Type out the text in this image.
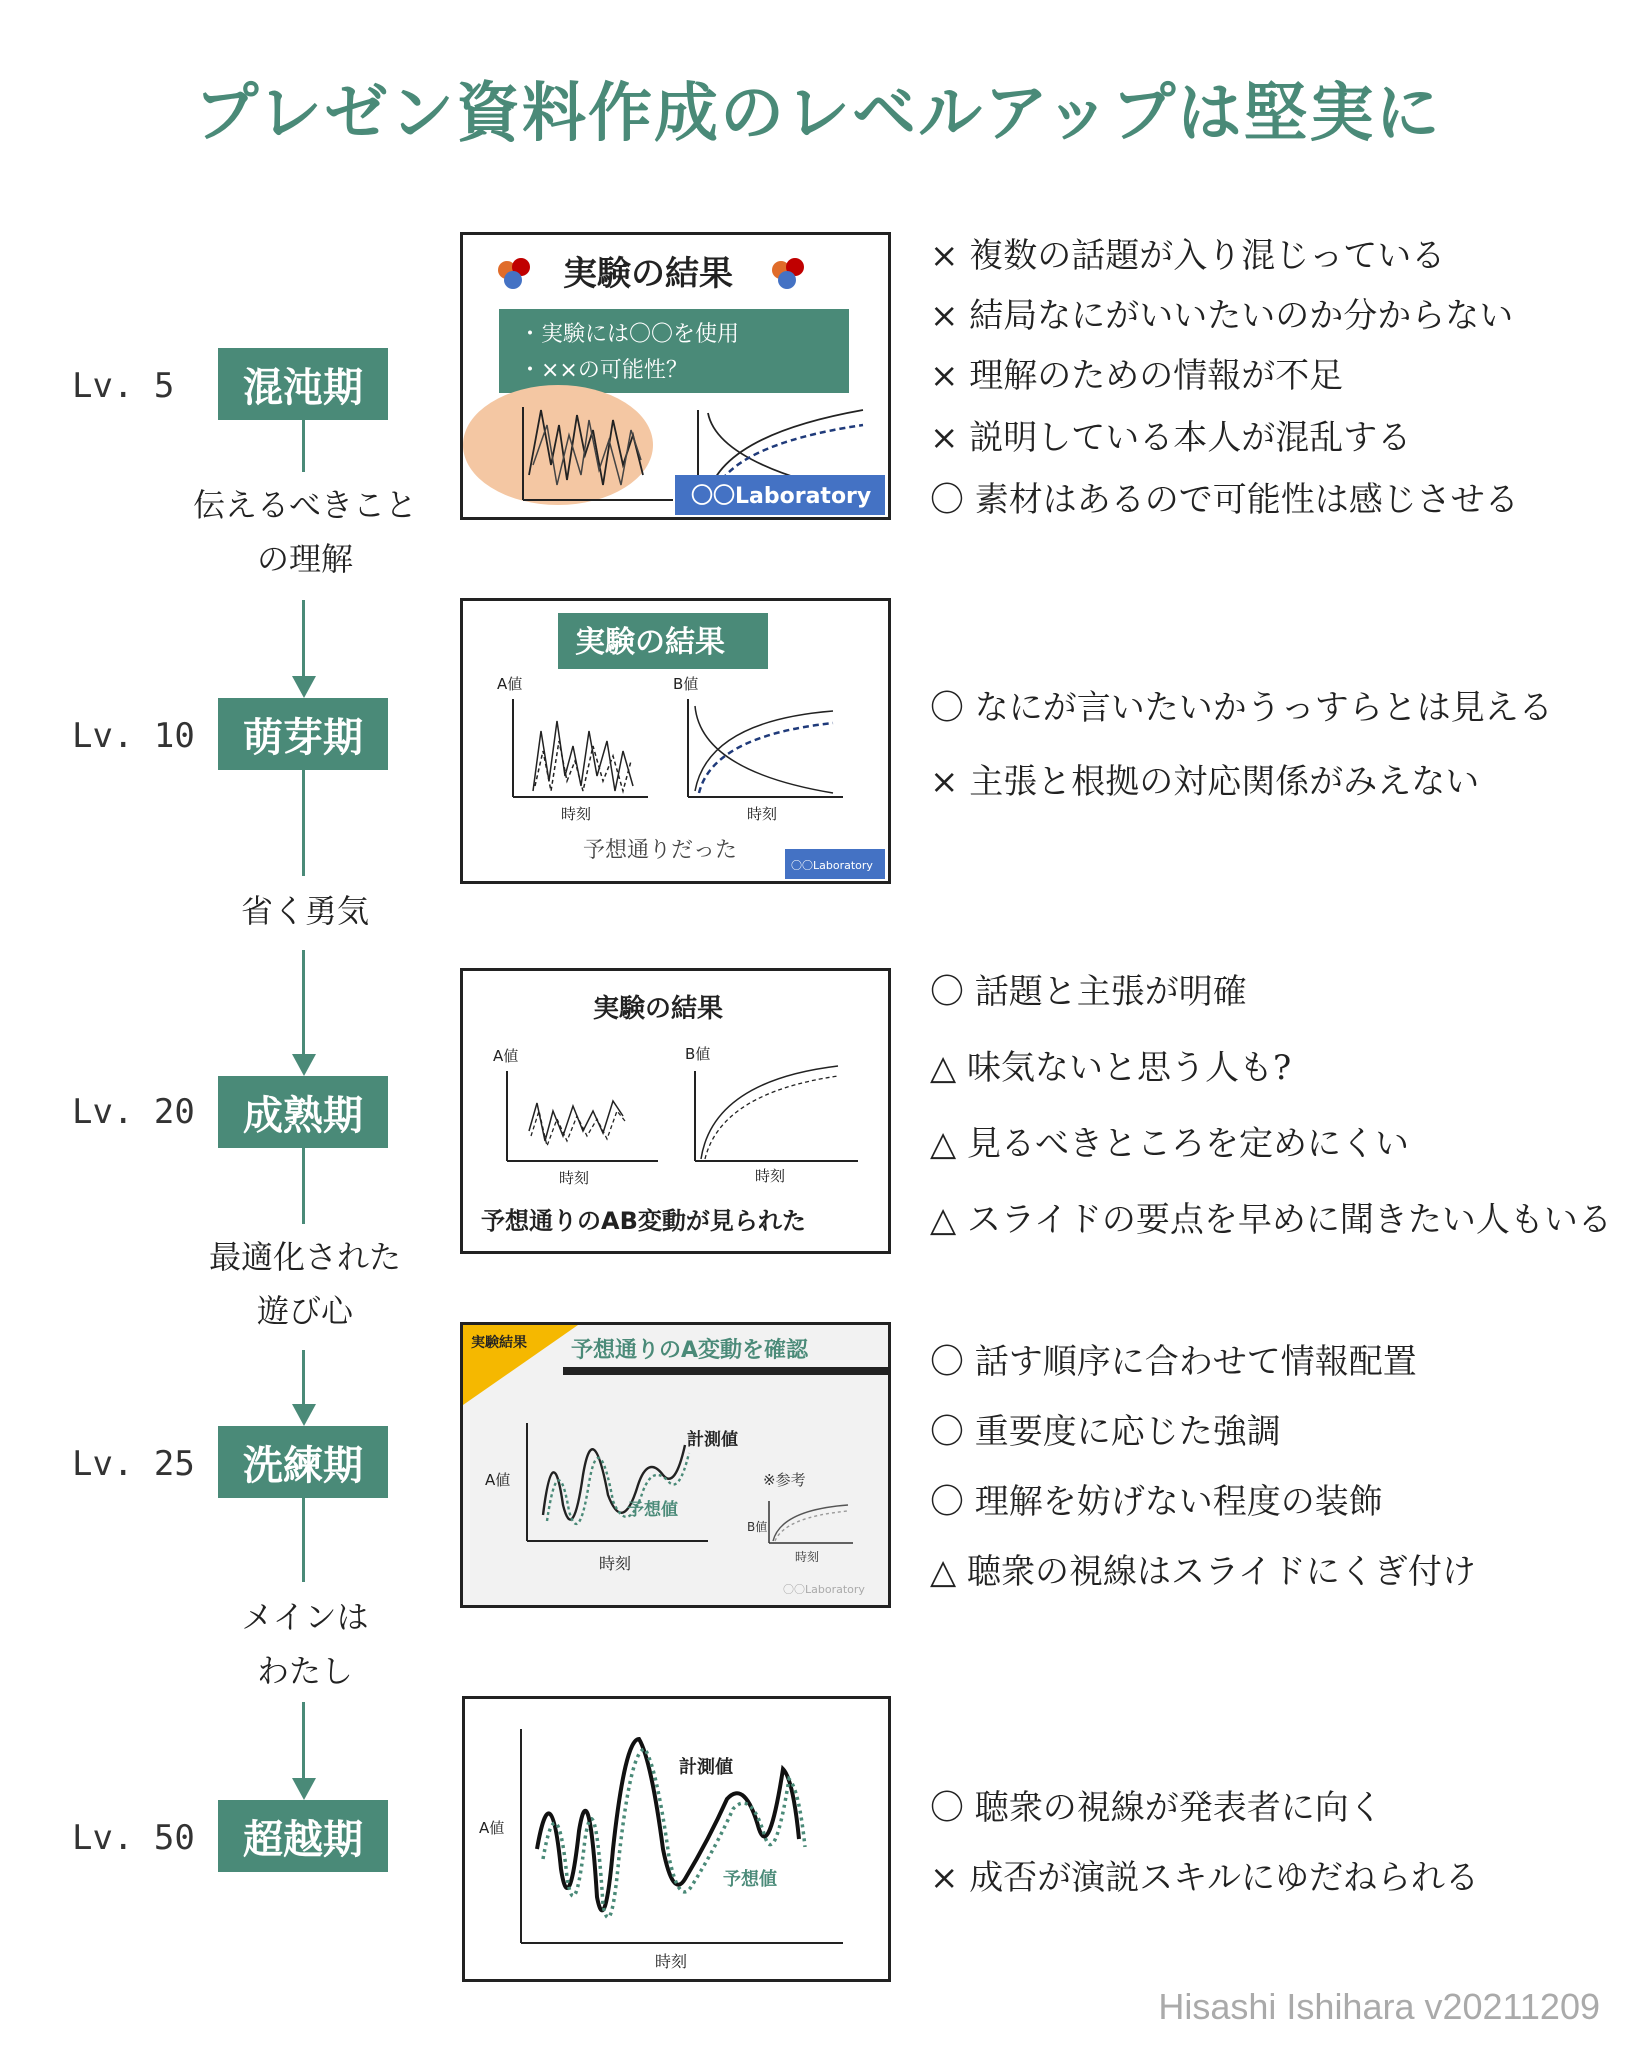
プレゼン資料作成のレベルアップは堅実に
Lv. 5
Lv. 10
Lv. 20
Lv. 25
Lv. 50
混沌期
萌芽期
成熟期
洗練期
超越期
伝えるべきこと
の理解
省く勇気
最適化された
遊び心
メインは
わたし
実験の結果
・実験には〇〇を使用
・××の可能性？
〇〇Laboratory
実験の結果
A値	B値
時刻	時刻
予想通りだった
〇〇Laboratory
実験の結果
A値	B値
時刻	時刻
予想通りのAB変動が見られた
実験結果 予想通りのA変動を確認
A値
計測値
予想値
時刻
※参考
B値
時刻
〇〇Laboratory
A値
計測値
予想値
時刻
× 複数の話題が入り混じっている
× 結局なにがいいたいのか分からない
× 理解のための情報が不足
× 説明している本人が混乱する
〇 素材はあるので可能性は感じさせる
〇 なにが言いたいかうっすらとは見える
× 主張と根拠の対応関係がみえない
〇 話題と主張が明確
△ 味気ないと思う人も?
△ 見るべきところを定めにくい
△ スライドの要点を早めに聞きたい人もいる
〇 話す順序に合わせて情報配置
〇 重要度に応じた強調
〇 理解を妨げない程度の装飾
△ 聴衆の視線はスライドにくぎ付け
〇 聴衆の視線が発表者に向く
× 成否が演説スキルにゆだねられる
Hisashi Ishihara v20211209
